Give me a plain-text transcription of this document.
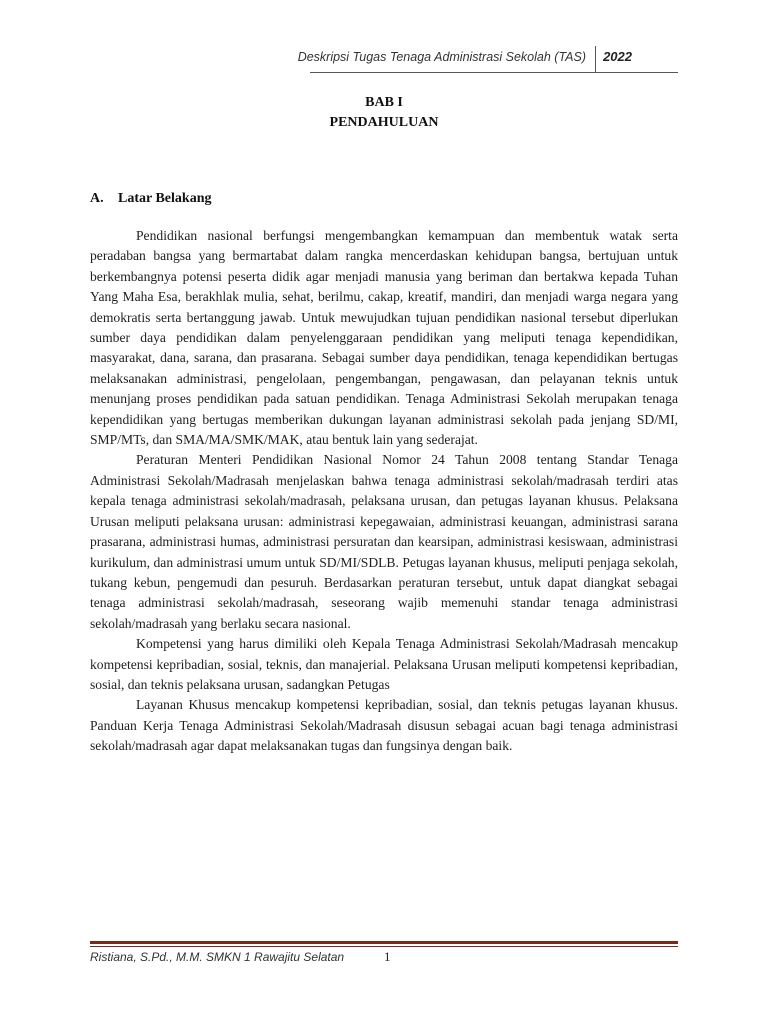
Deskripsi Tugas Tenaga Administrasi Sekolah (TAS) 2022
BAB I
PENDAHULUAN
A. Latar Belakang

Pendidikan nasional berfungsi mengembangkan kemampuan dan membentuk watak serta peradaban bangsa yang bermartabat dalam rangka mencerdaskan kehidupan bangsa, bertujuan untuk berkembangnya potensi peserta didik agar menjadi manusia yang beriman dan bertakwa kepada Tuhan Yang Maha Esa, berakhlak mulia, sehat, berilmu, cakap, kreatif, mandiri, dan menjadi warga negara yang demokratis serta bertanggung jawab. Untuk mewujudkan tujuan pendidikan nasional tersebut diperlukan sumber daya pendidikan dalam penyelenggaraan pendidikan yang meliputi tenaga kependidikan, masyarakat, dana, sarana, dan prasarana. Sebagai sumber daya pendidikan, tenaga kependidikan bertugas melaksanakan administrasi, pengelolaan, pengembangan, pengawasan, dan pelayanan teknis untuk menunjang proses pendidikan pada satuan pendidikan. Tenaga Administrasi Sekolah merupakan tenaga kependidikan yang bertugas memberikan dukungan layanan administrasi sekolah pada jenjang SD/MI, SMP/MTs, dan SMA/MA/SMK/MAK, atau bentuk lain yang sederajat.

Peraturan Menteri Pendidikan Nasional Nomor 24 Tahun 2008 tentang Standar Tenaga Administrasi Sekolah/Madrasah menjelaskan bahwa tenaga administrasi sekolah/madrasah terdiri atas kepala tenaga administrasi sekolah/madrasah, pelaksana urusan, dan petugas layanan khusus. Pelaksana Urusan meliputi pelaksana urusan: administrasi kepegawaian, administrasi keuangan, administrasi sarana prasarana, administrasi humas, administrasi persuratan dan kearsipan, administrasi kesiswaan, administrasi kurikulum, dan administrasi umum untuk SD/MI/SDLB. Petugas layanan khusus, meliputi penjaga sekolah, tukang kebun, pengemudi dan pesuruh. Berdasarkan peraturan tersebut, untuk dapat diangkat sebagai tenaga administrasi sekolah/madrasah, seseorang wajib memenuhi standar tenaga administrasi sekolah/madrasah yang berlaku secara nasional.

Kompetensi yang harus dimiliki oleh Kepala Tenaga Administrasi Sekolah/Madrasah mencakup kompetensi kepribadian, sosial, teknis, dan manajerial. Pelaksana Urusan meliputi kompetensi kepribadian, sosial, dan teknis pelaksana urusan, sadangkan Petugas

Layanan Khusus mencakup kompetensi kepribadian, sosial, dan teknis petugas layanan khusus. Panduan Kerja Tenaga Administrasi Sekolah/Madrasah disusun sebagai acuan bagi tenaga administrasi sekolah/madrasah agar dapat melaksanakan tugas dan fungsinya dengan baik.

Ristiana, S.Pd., M.M. SMKN 1 Rawajitu Selatan	1
